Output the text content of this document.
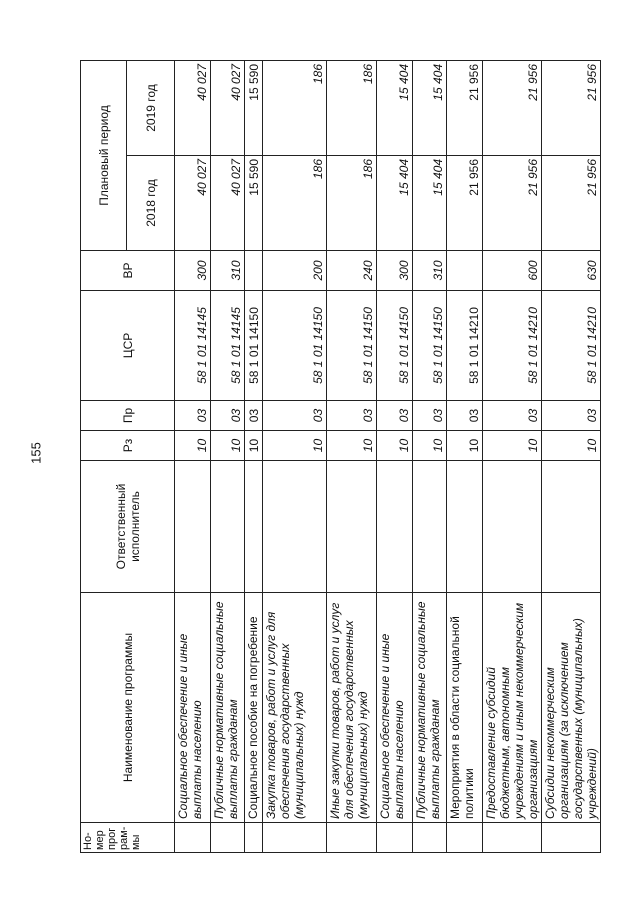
155
Но-
мер
прог
рам-
мы	Наименование программы	Ответственный исполнитель	Рз	Пр	ЦСР	ВР	Плановый период	
							2018 год	2019 год
	Социальное обеспечение и иные выплаты населению		10	03	58 1 01 14145	300	40 027	40 027
	Публичные нормативные социальные выплаты гражданам		10	03	58 1 01 14145	310	40 027	40 027
	Социальное пособие на погребение		10	03	58 1 01 14150		15 590	15 590
	Закупка товаров, работ и услуг для обеспечения государственных (муниципальных) нужд		10	03	58 1 01 14150	200	186	186
	Иные закупки товаров, работ и услуг для обеспечения государственных (муниципальных) нужд		10	03	58 1 01 14150	240	186	186
	Социальное обеспечение и иные выплаты населению		10	03	58 1 01 14150	300	15 404	15 404
	Публичные нормативные социальные выплаты гражданам		10	03	58 1 01 14150	310	15 404	15 404
	Мероприятия в области социальной политики		10	03	58 1 01 14210		21 956	21 956
	Предоставление субсидий бюджетным, автономным учреждениям и иным некоммерческим организациям		10	03	58 1 01 14210	600	21 956	21 956
	Субсидии некоммерческим организациям (за исключением государственных (муниципальных) учреждений)		10	03	58 1 01 14210	630	21 956	21 956
